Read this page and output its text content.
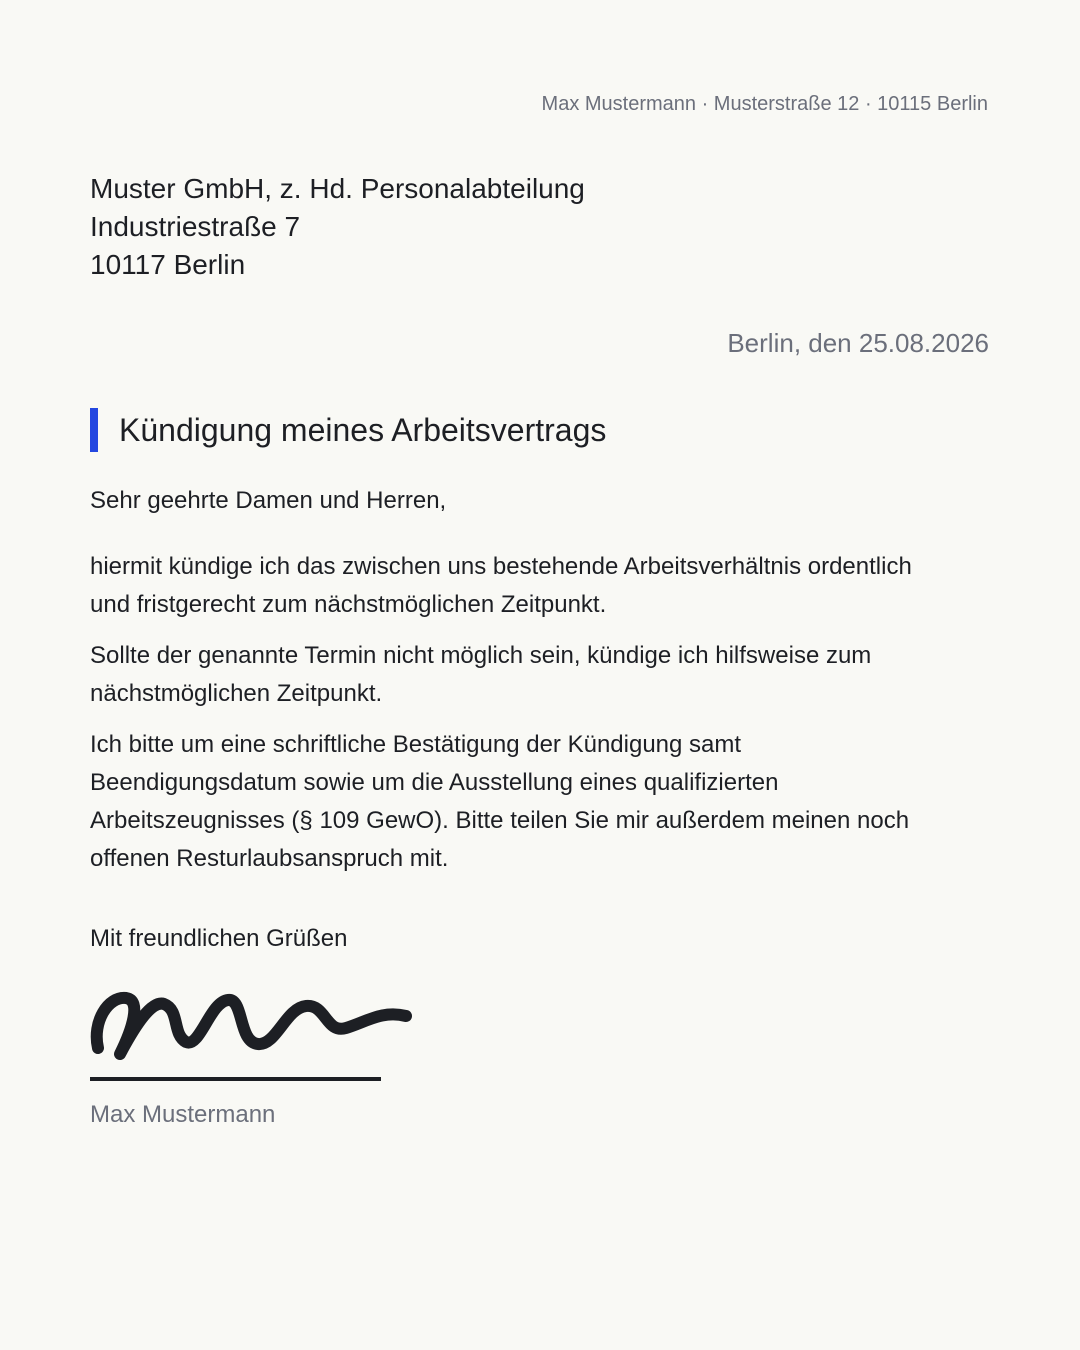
Max Mustermann · Musterstraße 12 · 10115 Berlin
Muster GmbH, z. Hd. Personalabteilung
Industriestraße 7
10117 Berlin
Berlin, den 25.08.2026
Kündigung meines Arbeitsvertrags
Sehr geehrte Damen und Herren,

hiermit kündige ich das zwischen uns bestehende Arbeitsverhältnis ordentlich und fristgerecht zum nächstmöglichen Zeitpunkt.

Sollte der genannte Termin nicht möglich sein, kündige ich hilfsweise zum nächstmöglichen Zeitpunkt.

Ich bitte um eine schriftliche Bestätigung der Kündigung samt Beendigungsdatum sowie um die Ausstellung eines qualifizierten Arbeitszeugnisses (§ 109 GewO). Bitte teilen Sie mir außerdem meinen noch offenen Resturlaubsanspruch mit.

Mit freundlichen Grüßen
Max Mustermann
